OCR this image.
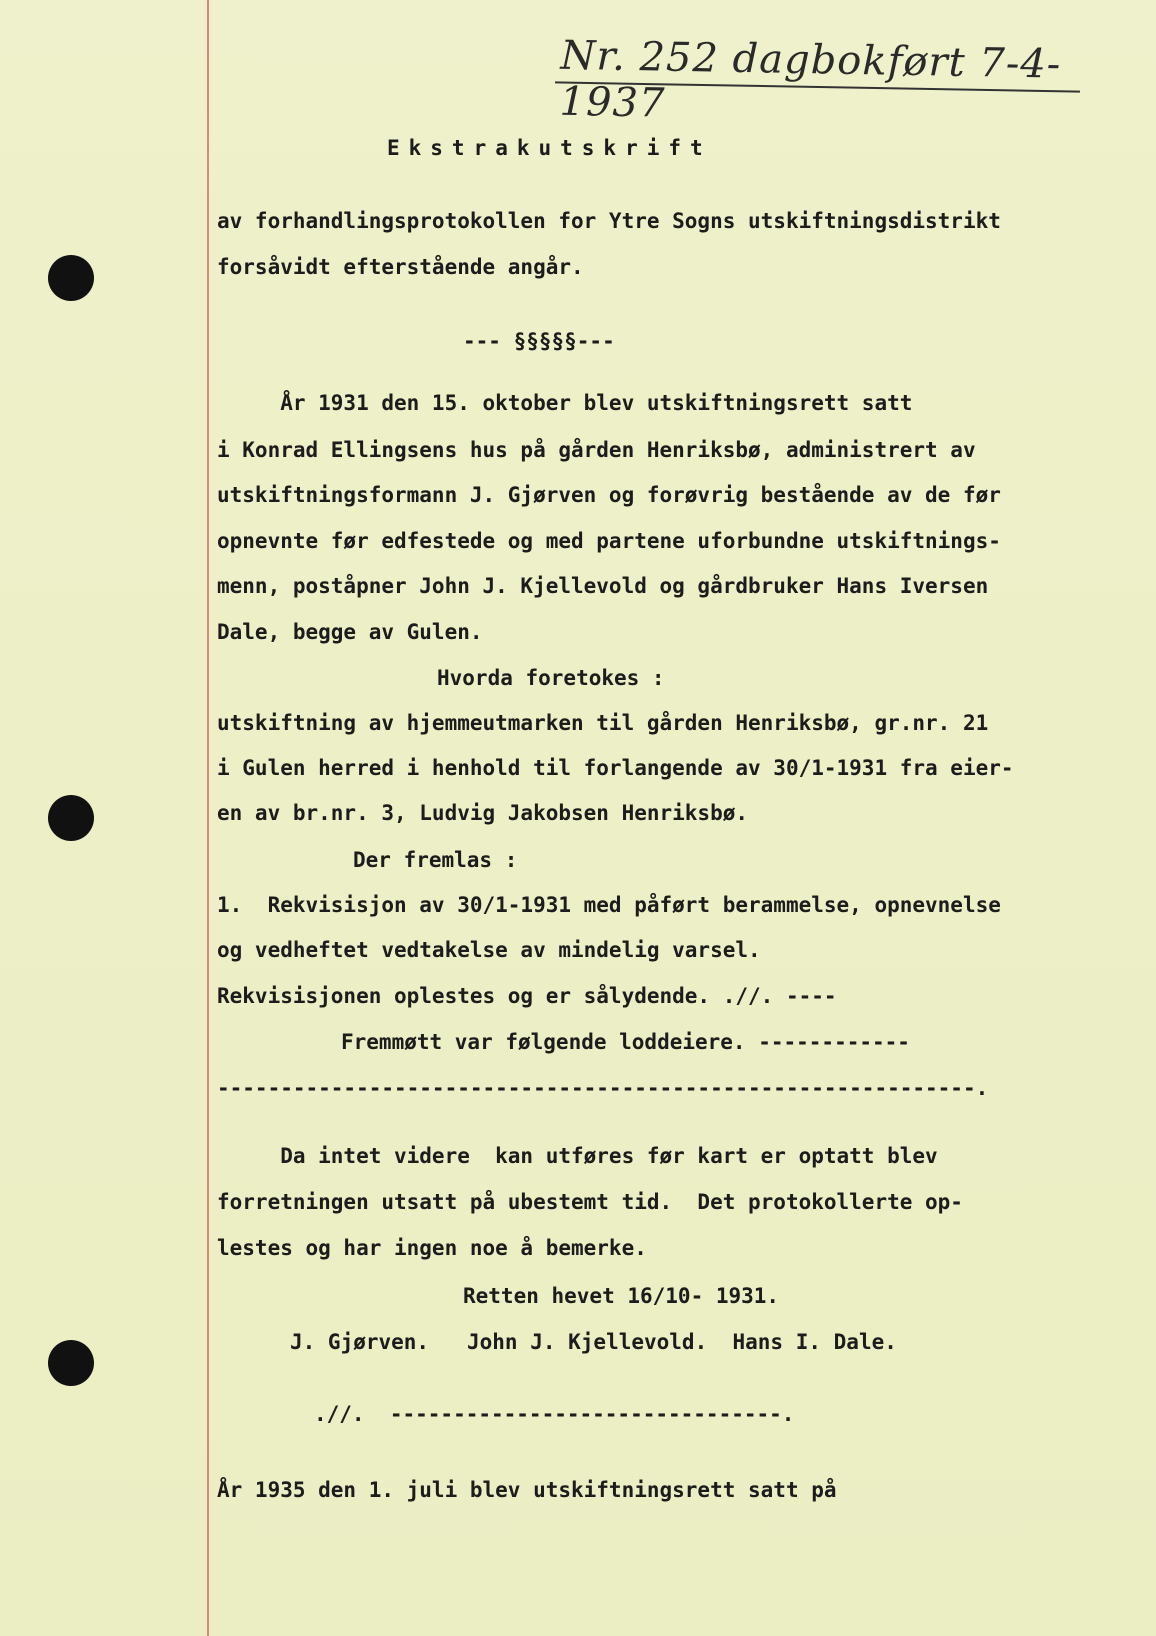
Nr. 252 dagbokført 7-4-1937
Ekstrakutskrift
av forhandlingsprotokollen for Ytre Sogns utskiftningsdistrikt
forsåvidt efterstående angår.
--- §§§§§---
År 1931 den 15. oktober blev utskiftningsrett satt
i Konrad Ellingsens hus på gården Henriksbø, administrert av
utskiftningsformann J. Gjørven og forøvrig bestående av de før
opnevnte før edfestede og med partene uforbundne utskiftnings-
menn, poståpner John J. Kjellevold og gårdbruker Hans Iversen
Dale, begge av Gulen.
Hvorda foretokes :
utskiftning av hjemmeutmarken til gården Henriksbø, gr.nr. 21
i Gulen herred i henhold til forlangende av 30/1-1931 fra eier-
en av br.nr. 3, Ludvig Jakobsen Henriksbø.
Der fremlas :
1.  Rekvisisjon av 30/1-1931 med påført berammelse, opnevnelse
og vedheftet vedtakelse av mindelig varsel.
Rekvisisjonen oplestes og er sålydende. .//. ----
Fremmøtt var følgende loddeiere. ------------
------------------------------------------------------------.
Da intet videre  kan utføres før kart er optatt blev
forretningen utsatt på ubestemt tid.  Det protokollerte op-
lestes og har ingen noe å bemerke.
Retten hevet 16/10- 1931.
J. Gjørven.   John J. Kjellevold.  Hans I. Dale.
.//.  -------------------------------.
År 1935 den 1. juli blev utskiftningsrett satt på
